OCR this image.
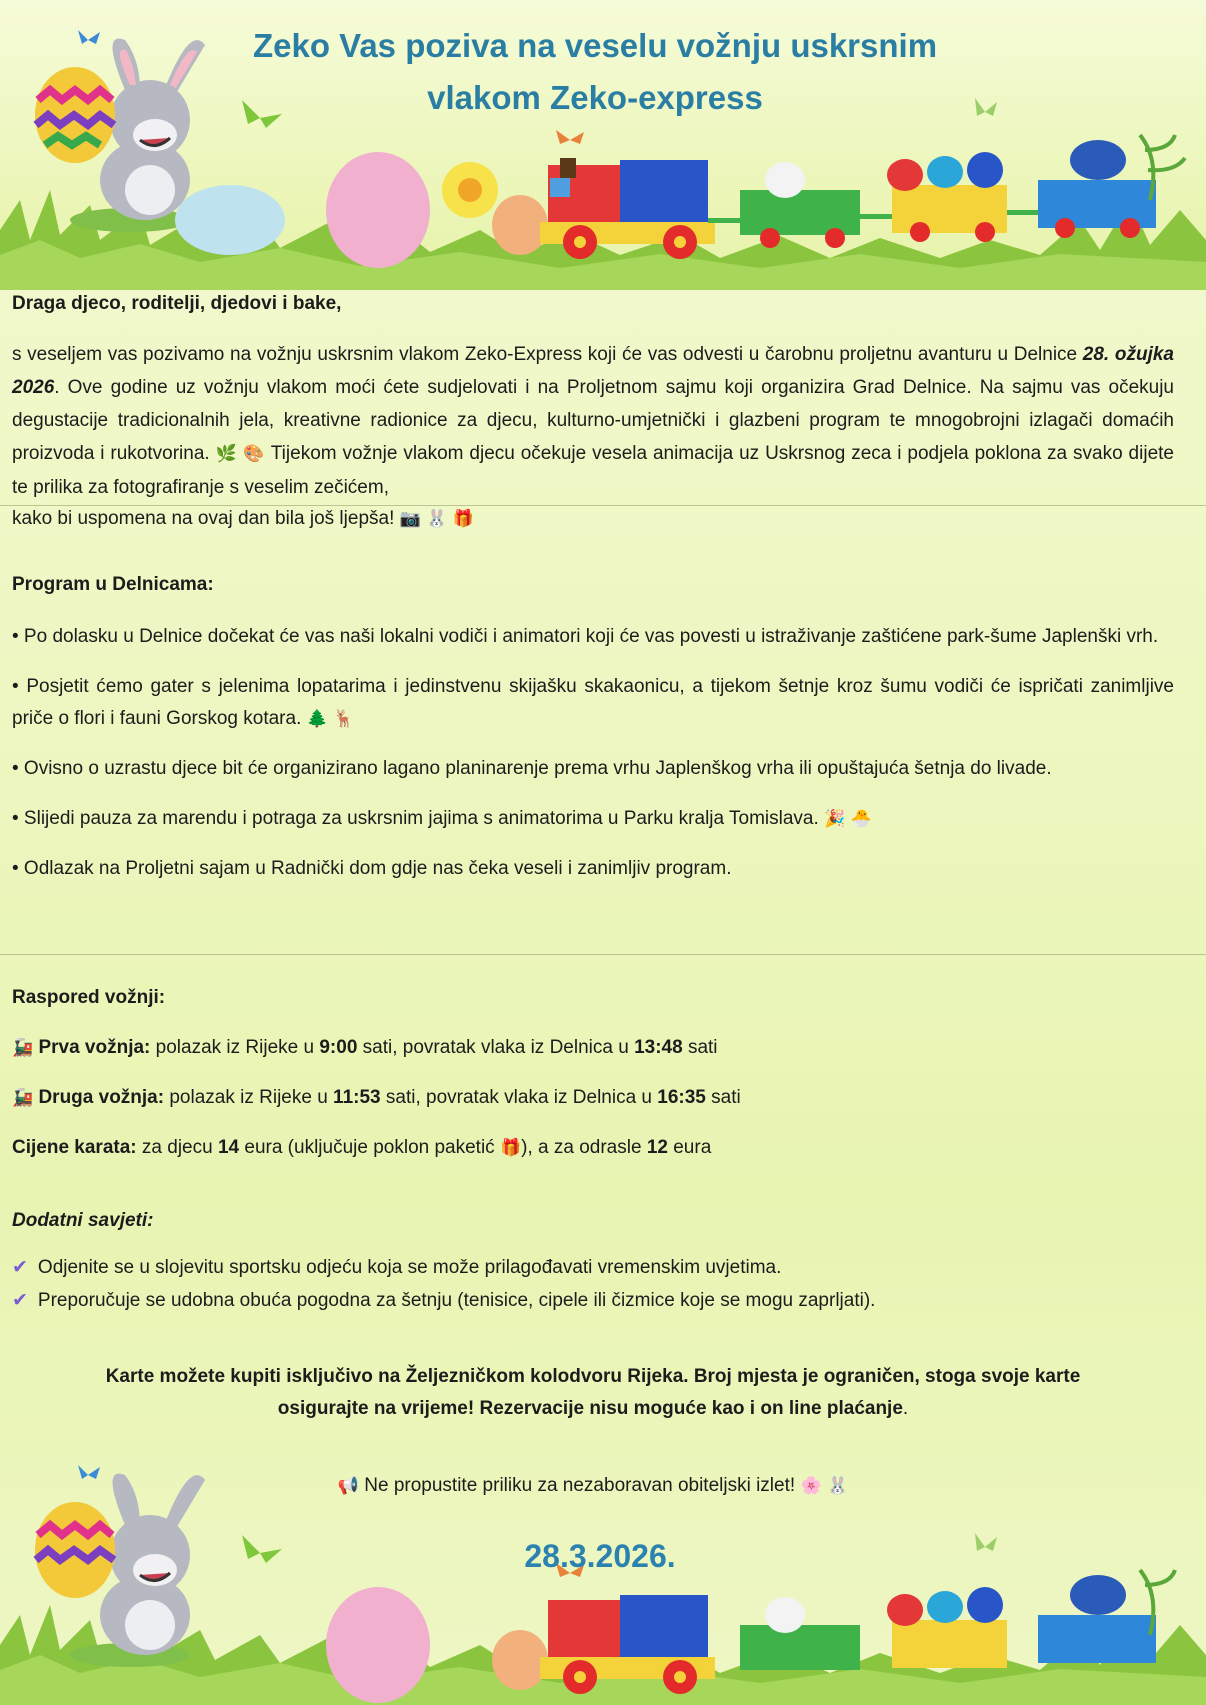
Zeko Vas poziva na veselu vožnju uskrsnim
vlakom Zeko-express

Draga djeco, roditelji, djedovi i bake,

s veseljem vas pozivamo na vožnju uskrsnim vlakom Zeko-Express koji će vas odvesti u čarobnu proljetnu avanturu u Delnice 28. ožujka 2026. Ove godine uz vožnju vlakom moći ćete sudjelovati i na Proljetnom sajmu koji organizira Grad Delnice. Na sajmu vas očekuju degustacije tradicionalnih jela, kreativne radionice za djecu, kulturno-umjetnički i glazbeni program te mnogobrojni izlagači domaćih proizvoda i rukotvorina. 🌿 🎨 Tijekom vožnje vlakom djecu očekuje vesela animacija uz Uskrsnog zeca i podjela poklona za svako dijete te prilika za fotografiranje s veselim zečićem,

kako bi uspomena na ovaj dan bila još ljepša! 📷 🐰 🎁

Program u Delnicama:

• Po dolasku u Delnice dočekat će vas naši lokalni vodiči i animatori koji će vas povesti u istraživanje zaštićene park-šume Japlenški vrh.

• Posjetit ćemo gater s jelenima lopatarima i jedinstvenu skijašku skakaonicu, a tijekom šetnje kroz šumu vodiči će ispričati zanimljive priče o flori i fauni Gorskog kotara. 🌲 🦌

• Ovisno o uzrastu djece bit će organizirano lagano planinarenje prema vrhu Japlenškog vrha ili opuštajuća šetnja do livade.

• Slijedi pauza za marendu i potraga za uskrsnim jajima s animatorima u Parku kralja Tomislava. 🎉 🐣

• Odlazak na Proljetni sajam u Radnički dom gdje nas čeka veseli i zanimljiv program.

Raspored vožnji:

🚂 Prva vožnja: polazak iz Rijeke u 9:00 sati, povratak vlaka iz Delnica u 13:48 sati

🚂 Druga vožnja: polazak iz Rijeke u 11:53 sati, povratak vlaka iz Delnica u 16:35 sati

Cijene karata: za djecu 14 eura (uključuje poklon paketić 🎁), a za odrasle 12 eura

Dodatni savjeti:

✔ Odjenite se u slojevitu sportsku odjeću koja se može prilagođavati vremenskim uvjetima.

✔ Preporučuje se udobna obuća pogodna za šetnju (tenisice, cipele ili čizmice koje se mogu zaprljati).

Karte možete kupiti isključivo na Željezničkom kolodvoru Rijeka. Broj mjesta je ograničen, stoga svoje karte

osigurajte na vrijeme! Rezervacije nisu moguće kao i on line plaćanje.

📢 Ne propustite priliku za nezaboravan obiteljski izlet! 🌸 🐰

28.3.2026.
